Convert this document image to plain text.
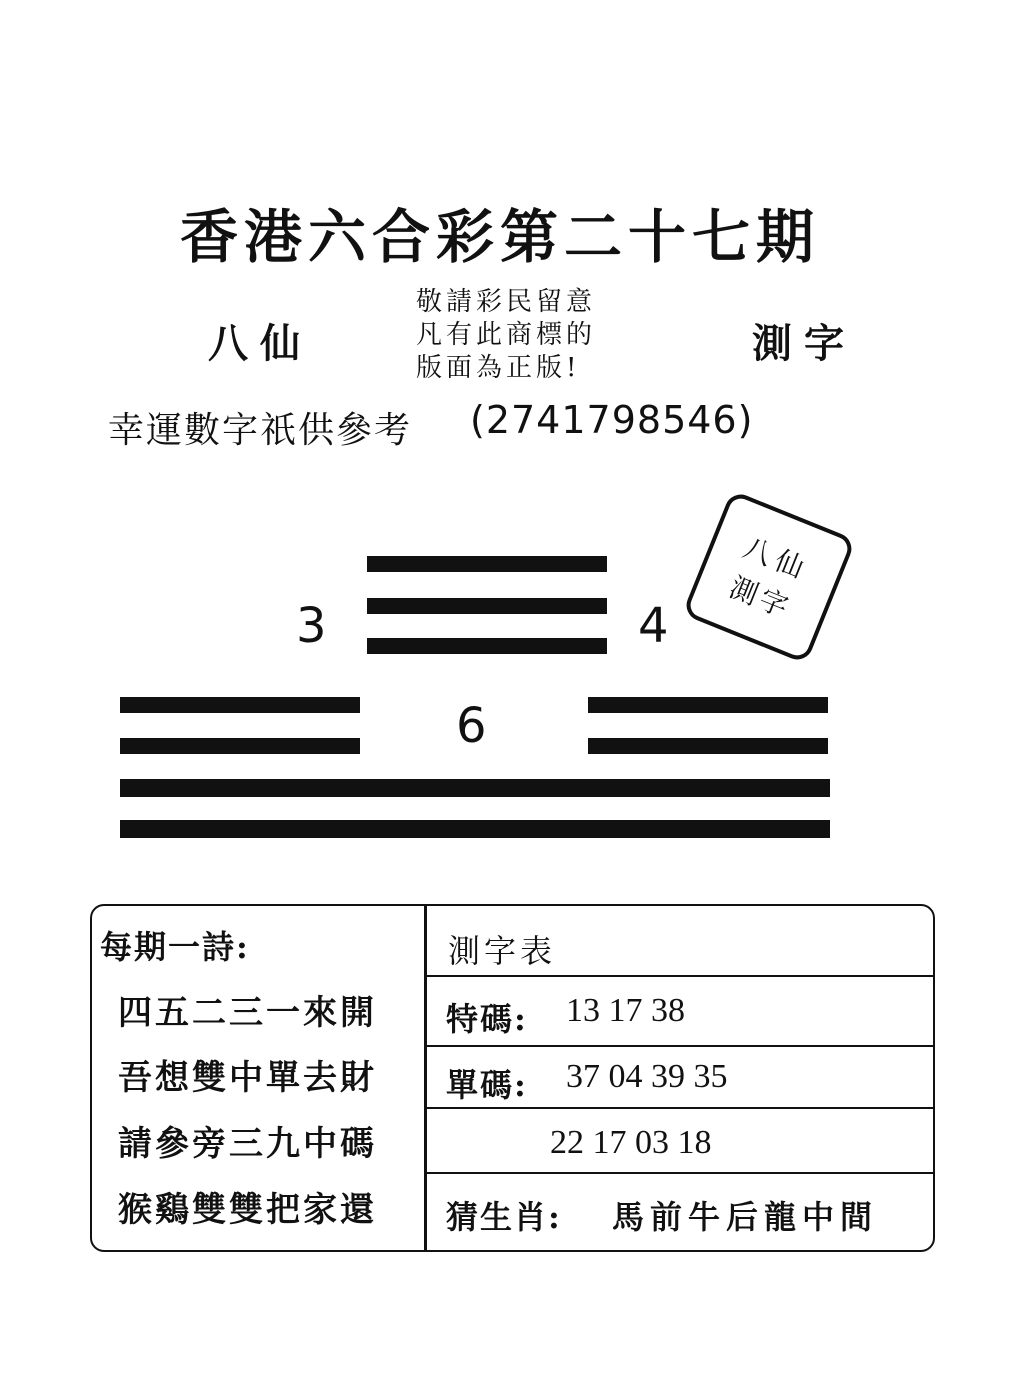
香港六合彩第二十七期
八仙	測字
敬請彩民留意
凡有此商標的
版面為正版!
幸運數字祇供參考 (2741798546)
八仙
測字
3	4
6
每期一詩:
四五二三一來開
吾想雙中單去財
請參旁三九中碼
猴鷄雙雙把家還
測字表
特碼: 13 17 38
單碼: 37 04 39 35
22 17 03 18
猜生肖: 馬前牛后龍中間
